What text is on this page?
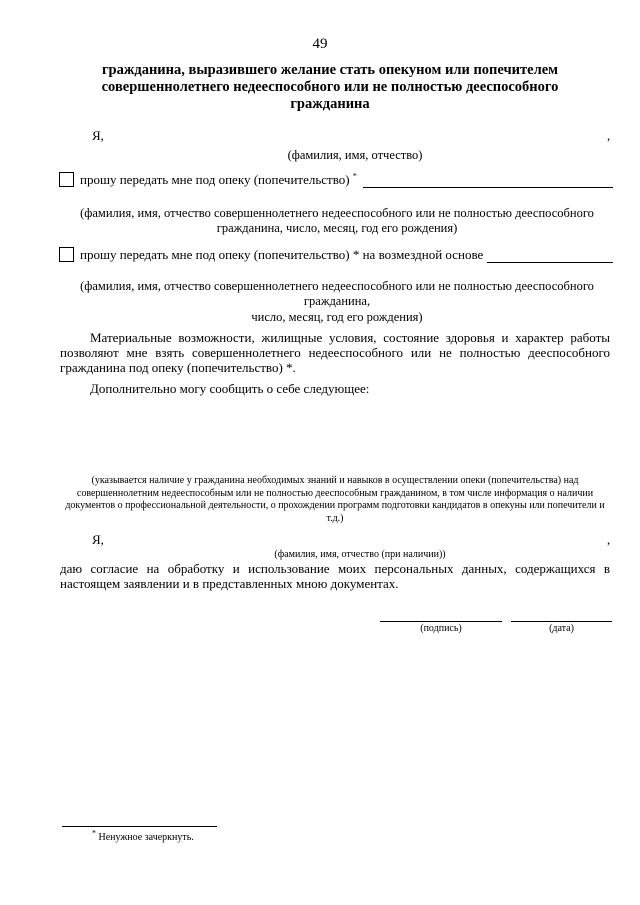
49
гражданина, выразившего желание стать опекуном или попечителем совершеннолетнего недееспособного или не полностью дееспособного гражданина
Я,	,
(фамилия, имя, отчество)
прошу передать мне под опеку (попечительство) *
(фамилия, имя, отчество совершеннолетнего недееспособного или не полностью дееспособного гражданина, число, месяц, год его рождения)
прошу передать мне под опеку (попечительство) * на возмездной основе
(фамилия, имя, отчество совершеннолетнего недееспособного или не полностью дееспособного гражданина,
число, месяц, год его рождения)
Материальные возможности, жилищные условия, состояние здоровья и характер работы позволяют мне взять совершеннолетнего недееспособного или не полностью дееспособного гражданина под опеку (попечительство) *.
Дополнительно могу сообщить о себе следующее:
(указывается наличие у гражданина необходимых знаний и навыков в осуществлении опеки (попечительства) над совершеннолетним недееспособным или не полностью дееспособным гражданином, в том числе информация о наличии документов о профессиональной деятельности, о прохождении программ подготовки кандидатов в опекуны или попечители и т.д.)
Я,	,
(фамилия, имя, отчество (при наличии))
даю согласие на обработку и использование моих персональных данных, содержащихся в настоящем заявлении и в представленных мною документах.
(подпись)	(дата)
* Ненужное зачеркнуть.
